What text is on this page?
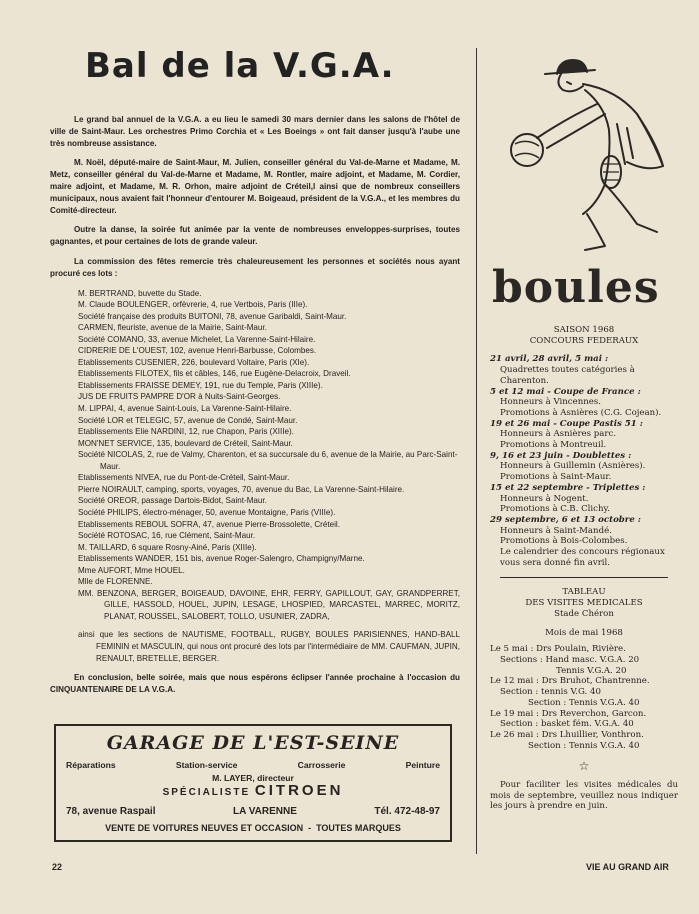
Bal de la V.G.A.

Le grand bal annuel de la V.G.A. a eu lieu le samedi 30 mars dernier dans les salons de l'hôtel de ville de Saint-Maur. Les orchestres Primo Corchia et « Les Boeings » ont fait danser jusqu'à l'aube une très nombreuse assistance.

M. Noël, député-maire de Saint-Maur, M. Julien, conseiller général du Val-de-Marne et Madame, M. Metz, conseiller général du Val-de-Marne et Madame, M. Rontler, maire adjoint, et Madame, M. Cordier, maire adjoint, et Madame, M. R. Orhon, maire adjoint de Créteil,l ainsi que de nombreux conseillers municipaux, nous avaient fait l'honneur d'entourer M. Boigeaud, président de la V.G.A., et les membres du Comité-directeur.

Outre la danse, la soirée fut animée par la vente de nombreuses enveloppes-surprises, toutes gagnantes, et pour certaines de lots de grande valeur.

La commission des fêtes remercie très chaleureusement les personnes et sociétés nous ayant procuré ces lots :

M. BERTRAND, buvette du Stade.
M. Claude BOULENGER, orfèvrerie, 4, rue Vertbois, Paris (IIIe).
Société française des produits BUITONI, 78, avenue Garibaldi, Saint-Maur.
CARMEN, fleuriste, avenue de la Mairie, Saint-Maur.
Société COMANO, 33, avenue Michelet, La Varenne-Saint-Hilaire.
CIDRERIE DE L'OUEST, 102, avenue Henri-Barbusse, Colombes.
Etablissements CUSENIER, 226, boulevard Voltaire, Paris (XIe).
Etablissements FILOTEX, fils et câbles, 146, rue Eugène-Delacroix, Draveil.
Etablissements FRAISSE DEMEY, 191, rue du Temple, Paris (XIIIe).
JUS DE FRUITS PAMPRE D'OR à Nuits-Saint-Georges.
M. LIPPAI, 4, avenue Saint-Louis, La Varenne-Saint-Hilaire.
Société LOR et TELEGIC, 57, avenue de Condé, Saint-Maur.
Etablissements Elie NARDINI, 12, rue Chapon, Paris (XIIIe).
MON'NET SERVICE, 135, boulevard de Créteil, Saint-Maur.
Société NICOLAS, 2, rue de Valmy, Charenton, et sa succursale du 6, avenue de la Mairie, au Parc-Saint-Maur.
Etablissements NIVEA, rue du Pont-de-Créteil, Saint-Maur.
Pierre NOIRAULT, camping, sports, voyages, 70, avenue du Bac, La Varenne-Saint-Hilaire.
Société OREOR, passage Dartois-Bidot, Saint-Maur.
Société PHILIPS, électro-ménager, 50, avenue Montaigne, Paris (VIIIe).
Etablissements REBOUL SOFRA, 47, avenue Pierre-Brossolette, Créteil.
Société ROTOSAC, 16, rue Clément, Saint-Maur.
M. TAILLARD, 6 square Rosny-Ainé, Paris (XIIIe).
Etablissements WANDER, 151 bis, avenue Roger-Salengro, Champigny/Marne.
Mme AUFORT, Mme HOUEL.
Mlle de FLORENNE.
MM. BENZONA, BERGER, BOIGEAUD, DAVOINE, EHR, FERRY, GAPILLOUT, GAY, GRANDPERRET, GILLE, HASSOLD, HOUEL, JUPIN, LESAGE, LHOSPIED, MARCASTEL, MARREC, MORITZ, PLANAT, ROUSSEL, SALOBERT, TOLLO, USUNIER, ZADRA,
ainsi que les sections de NAUTISME, FOOTBALL, RUGBY, BOULES PARISIENNES, HAND-BALL FEMININ et MASCULIN, qui nous ont procuré des lots par l'intermédiaire de MM. CAUFMAN, JUPIN, RENAULT, BRETELLE, BERGER.

En conclusion, belle soirée, mais que nous espérons éclipser l'année prochaine à l'occasion du CINQUANTENAIRE DE LA V.G.A.

GARAGE DE L'EST-SEINE
Réparations	Station-service	Carrosserie	Peinture
M. LAYER, directeur
SPÉCIALISTE CITROEN
78, avenue Raspail	LA VARENNE	Tél. 472-48-97
VENTE DE VOITURES NEUVES ET OCCASION  -  TOUTES MARQUES
boules
SAISON 1968
CONCOURS FEDERAUX
21 avril, 28 avril, 5 mai :
Quadrettes toutes catégories à Charenton.
5 et 12 mai - Coupe de France :
Honneurs à Vincennes.
Promotions à Asnières (C.G. Cojean).
19 et 26 mai - Coupe Pastis 51 :
Honneurs à Asnières parc.
Promotions à Montreuil.
9, 16 et 23 juin - Doublettes :
Honneurs à Guillemin (Asnières).
Promotions à Saint-Maur.
15 et 22 septembre - Triplettes :
Honneurs à Nogent.
Promotions à C.B. Clichy.
29 septembre, 6 et 13 octobre :
Honneurs à Saint-Mandé.
Promotions à Bois-Colombes.
Le calendrier des concours régionaux vous sera donné fin avril.
TABLEAU
DES VISITES MEDICALES
Stade Chéron
Mois de mai 1968
Le 5 mai : Drs Poulain, Rivière.
Sections : Hand masc. V.G.A. 20
Tennis V.G.A. 20
Le 12 mai : Drs Bruhot, Chantrenne.
Section : tennis V.G. 40
Section : Tennis V.G.A. 40
Le 19 mai : Drs Reverchon, Garcon.
Section : basket fém. V.G.A. 40
Le 26 mai : Drs Lhuillier, Vonthron.
Section : Tennis V.G.A. 40
☆
Pour faciliter les visites médicales du mois de septembre, veuillez nous indiquer les jours à prendre en juin.
22	VIE AU GRAND AIR
